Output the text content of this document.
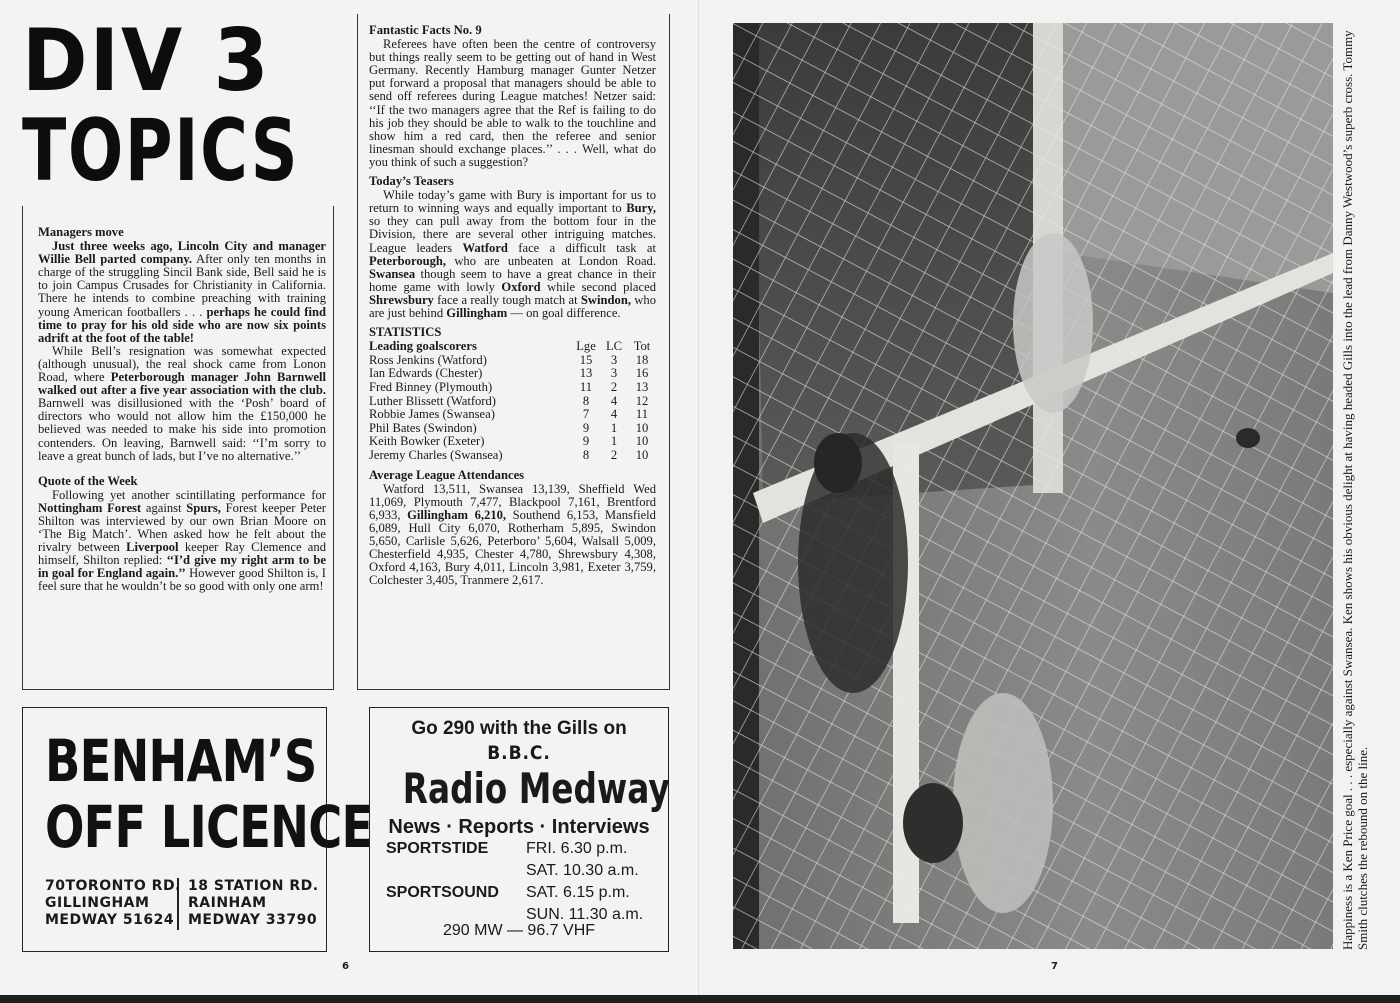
DIV 3
TOPICS
Managers move

Just three weeks ago, Lincoln City and manager Willie Bell parted company. After only ten months in charge of the struggling Sincil Bank side, Bell said he is to join Campus Crusades for Christianity in California. There he intends to combine preaching with training young American footballers . . . perhaps he could find time to pray for his old side who are now six points adrift at the foot of the table!

While Bell’s resignation was somewhat expected (although unusual), the real shock came from Lonon Road, where Peterborough manager John Barnwell walked out after a five year association with the club. Barnwell was disillusioned with the ‘Posh’ board of directors who would not allow him the £150,000 he believed was needed to make his side into promotion contenders. On leaving, Barnwell said: ‘‘I’m sorry to leave a great bunch of lads, but I’ve no alternative.’’

Quote of the Week

Following yet another scintillating performance for Nottingham Forest against Spurs, Forest keeper Peter Shilton was interviewed by our own Brian Moore on ‘The Big Match’. When asked how he felt about the rivalry between Liverpool keeper Ray Clemence and himself, Shilton replied: ‘‘I’d give my right arm to be in goal for England again.’’ However good Shilton is, I feel sure that he wouldn’t be so good with only one arm!

Fantastic Facts No. 9

Referees have often been the centre of controversy but things really seem to be getting out of hand in West Germany. Recently Hamburg manager Gunter Netzer put forward a proposal that managers should be able to send off referees during League matches! Netzer said: ‘‘If the two managers agree that the Ref is failing to do his job they should be able to walk to the touchline and show him a red card, then the referee and senior linesman should exchange places.’’ . . . Well, what do you think of such a suggestion?

Today’s Teasers

While today’s game with Bury is important for us to return to winning ways and equally important to Bury, so they can pull away from the bottom four in the Division, there are several other intriguing matches. League leaders Watford face a difficult task at Peterborough, who are unbeaten at London Road. Swansea though seem to have a great chance in their home game with lowly Oxford while second placed Shrewsbury face a really tough match at Swindon, who are just behind Gillingham — on goal difference.

STATISTICS
Leading goalscorers	Lge	LC	Tot
Ross Jenkins (Watford)	15	3	18
Ian Edwards (Chester)	13	3	16
Fred Binney (Plymouth)	11	2	13
Luther Blissett (Watford)	8	4	12
Robbie James (Swansea)	7	4	11
Phil Bates (Swindon)	9	1	10
Keith Bowker (Exeter)	9	1	10
Jeremy Charles (Swansea)	8	2	10
Average League Attendances

Watford 13,511, Swansea 13,139, Sheffield Wed 11,069, Plymouth 7,477, Blackpool 7,161, Brentford 6,933, Gillingham 6,210, Southend 6,153, Mansfield 6,089, Hull City 6,070, Rotherham 5,895, Swindon 5,650, Carlisle 5,626, Peterboro’ 5,604, Walsall 5,009, Chesterfield 4,935, Chester 4,780, Shrewsbury 4,308, Oxford 4,163, Bury 4,011, Lincoln 3,981, Exeter 3,759, Colchester 3,405, Tranmere 2,617.

BENHAM’S
OFF LICENCE
70TORONTO RD.
GILLINGHAM
MEDWAY 51624
18 STATION RD.
RAINHAM
MEDWAY 33790
Go 290 with the Gills on
B.B.C.
Radio Medway
News · Reports · Interviews
SPORTSTIDE FRI. 6.30 p.m.
SAT. 10.30 a.m.
SPORTSOUND SAT. 6.15 p.m.
SUN. 11.30 a.m.
290 MW — 96.7 VHF
6
Happiness is a Ken Price goal . . . especially against Swansea. Ken shows his obvious delight at having headed Gills into the lead from Danny Westwood’s superb cross. Tommy Smith clutches the rebound on the line.
7
